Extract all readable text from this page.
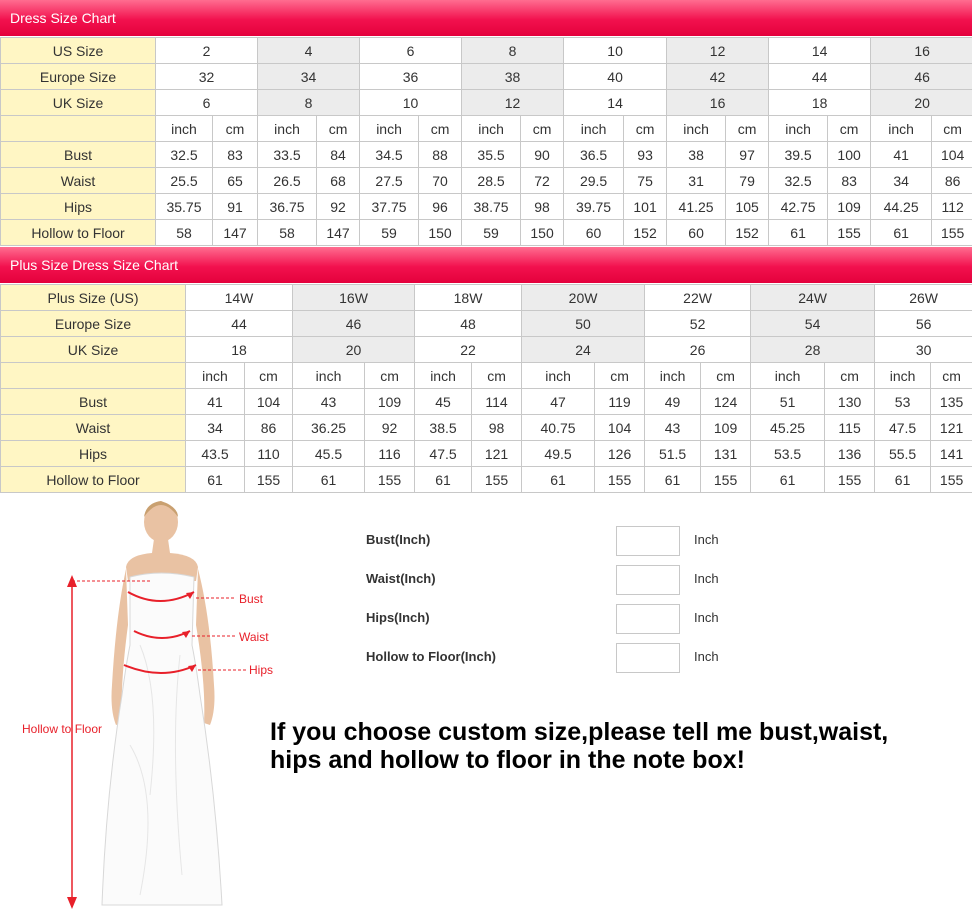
Dress Size Chart
US Size	2		4		6		8		10		12		14		16	
Europe Size	32		34		36		38		40		42		44		46	
UK Size	6		8		10		12		14		16		18		20	
	inch	cm	inch	cm	inch	cm	inch	cm	inch	cm	inch	cm	inch	cm	inch	cm
Bust	32.5	83	33.5	84	34.5	88	35.5	90	36.5	93	38	97	39.5	100	41	104
Waist	25.5	65	26.5	68	27.5	70	28.5	72	29.5	75	31	79	32.5	83	34	86
Hips	35.75	91	36.75	92	37.75	96	38.75	98	39.75	101	41.25	105	42.75	109	44.25	112
Hollow to Floor	58	147	58	147	59	150	59	150	60	152	60	152	61	155	61	155
Plus Size Dress Size Chart
Plus Size (US)	14W		16W		18W		20W		22W		24W		26W	
Europe Size	44		46		48		50		52		54		56	
UK Size	18		20		22		24		26		28		30	
	inch	cm	inch	cm	inch	cm	inch	cm	inch	cm	inch	cm	inch	cm
Bust	41	104	43	109	45	114	47	119	49	124	51	130	53	135
Waist	34	86	36.25	92	38.5	98	40.75	104	43	109	45.25	115	47.5	121
Hips	43.5	110	45.5	116	47.5	121	49.5	126	51.5	131	53.5	136	55.5	141
Hollow to Floor	61	155	61	155	61	155	61	155	61	155	61	155	61	155
Bust
Waist
Hips
Hollow to Floor
Bust(Inch)	Inch
Waist(Inch)	Inch
Hips(Inch)	Inch
Hollow to Floor(Inch)	Inch
If you choose custom size,please tell me bust,waist,
hips and hollow to floor in the note box!
